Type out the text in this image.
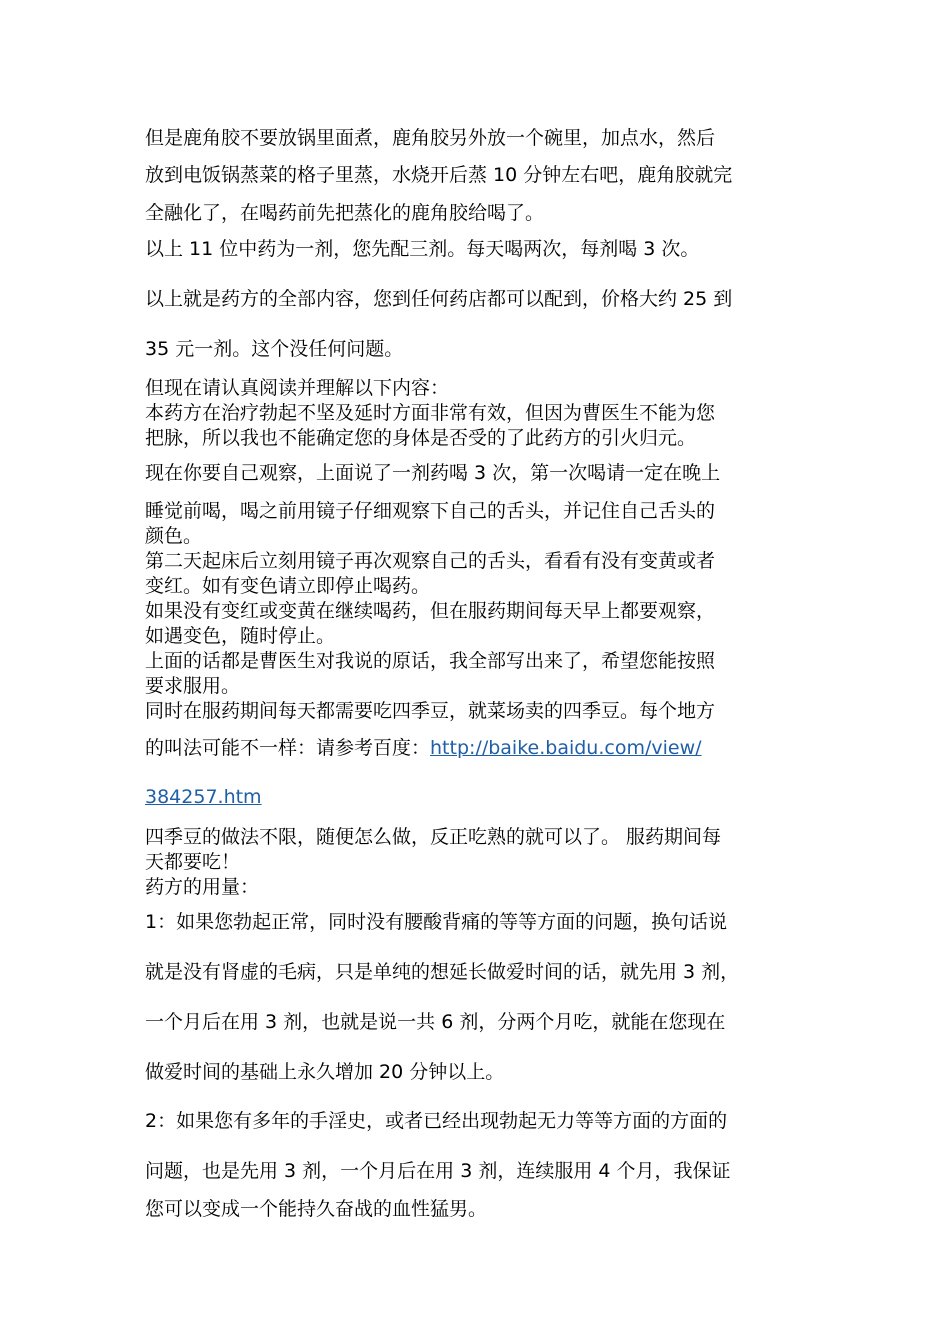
但是鹿角胶不要放锅里面煮，鹿角胶另外放一个碗里，加点水，然后
放到电饭锅蒸菜的格子里蒸，水烧开后蒸 10 分钟左右吧，鹿角胶就完
全融化了，在喝药前先把蒸化的鹿角胶给喝了。
以上 11 位中药为一剂，您先配三剂。每天喝两次，每剂喝 3 次。
以上就是药方的全部内容，您到任何药店都可以配到，价格大约 25 到
35 元一剂。这个没任何问题。
但现在请认真阅读并理解以下内容：
本药方在治疗勃起不坚及延时方面非常有效，但因为曹医生不能为您
把脉，所以我也不能确定您的身体是否受的了此药方的引火归元。
现在你要自己观察，上面说了一剂药喝 3 次，第一次喝请一定在晚上
睡觉前喝，喝之前用镜子仔细观察下自己的舌头，并记住自己舌头的
颜色。
第二天起床后立刻用镜子再次观察自己的舌头，看看有没有变黄或者
变红。如有变色请立即停止喝药。
如果没有变红或变黄在继续喝药，但在服药期间每天早上都要观察，
如遇变色，随时停止。
上面的话都是曹医生对我说的原话，我全部写出来了，希望您能按照
要求服用。
同时在服药期间每天都需要吃四季豆，就菜场卖的四季豆。每个地方
的叫法可能不一样：请参考百度：http://baike.baidu.com/view/
384257.htm
四季豆的做法不限，随便怎么做，反正吃熟的就可以了。 服药期间每
天都要吃！
药方的用量：
1：如果您勃起正常，同时没有腰酸背痛的等等方面的问题，换句话说
就是没有肾虚的毛病，只是单纯的想延长做爱时间的话，就先用 3 剂，
一个月后在用 3 剂，也就是说一共 6 剂，分两个月吃，就能在您现在
做爱时间的基础上永久增加 20 分钟以上。
2：如果您有多年的手淫史，或者已经出现勃起无力等等方面的方面的
问题，也是先用 3 剂，一个月后在用 3 剂，连续服用 4 个月，我保证
您可以变成一个能持久奋战的血性猛男。
